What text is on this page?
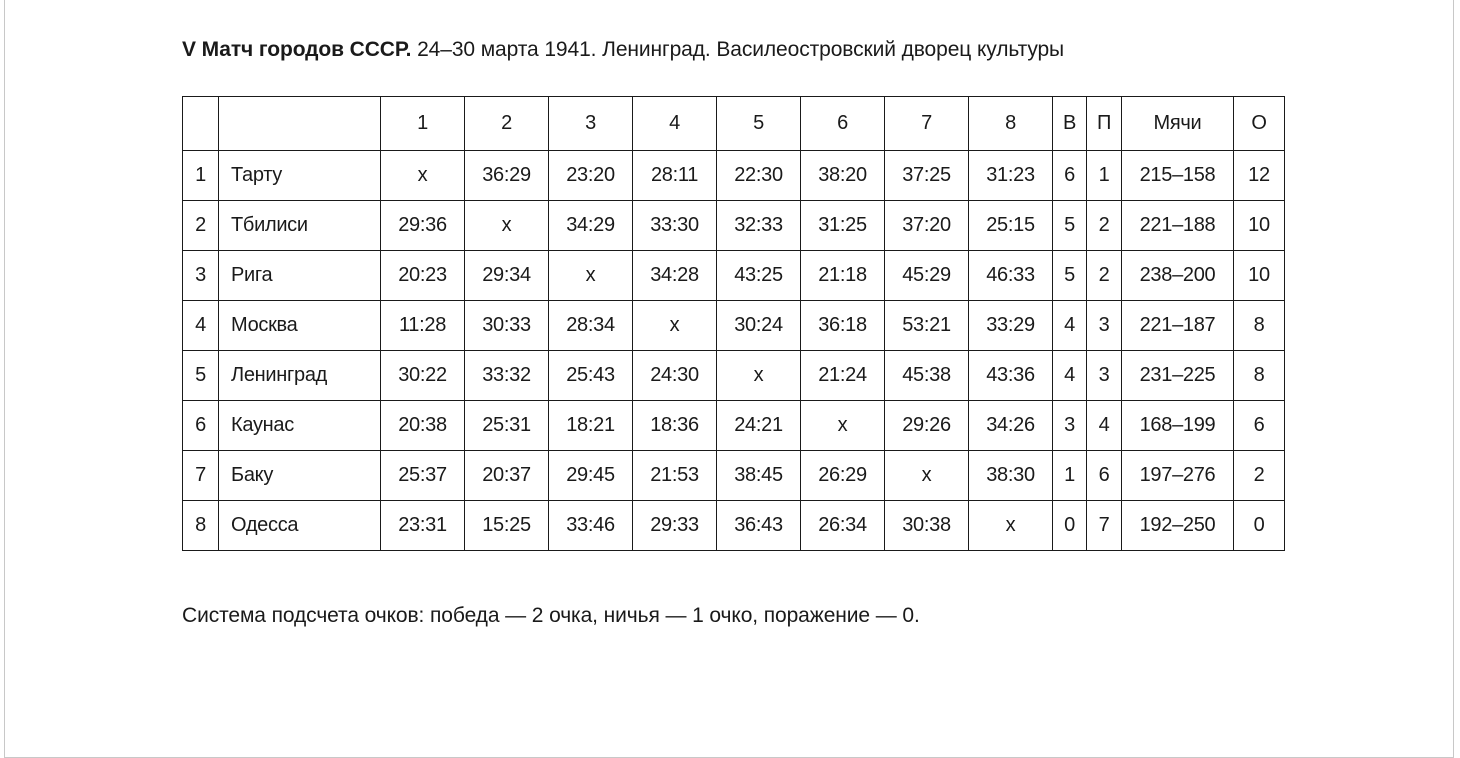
V Матч городов СССР. 24–30 марта 1941. Ленинград. Василеостровский дворец культуры
		1	2	3	4	5	6	7	8	В	П	Мячи	О
1	Тарту	x	36:29	23:20	28:11	22:30	38:20	37:25	31:23	6	1	215–158	12
2	Тбилиси	29:36	x	34:29	33:30	32:33	31:25	37:20	25:15	5	2	221–188	10
3	Рига	20:23	29:34	x	34:28	43:25	21:18	45:29	46:33	5	2	238–200	10
4	Москва	11:28	30:33	28:34	x	30:24	36:18	53:21	33:29	4	3	221–187	8
5	Ленинград	30:22	33:32	25:43	24:30	x	21:24	45:38	43:36	4	3	231–225	8
6	Каунас	20:38	25:31	18:21	18:36	24:21	x	29:26	34:26	3	4	168–199	6
7	Баку	25:37	20:37	29:45	21:53	38:45	26:29	x	38:30	1	6	197–276	2
8	Одесса	23:31	15:25	33:46	29:33	36:43	26:34	30:38	x	0	7	192–250	0
Система подсчета очков: победа — 2 очка, ничья — 1 очко, поражение — 0.
